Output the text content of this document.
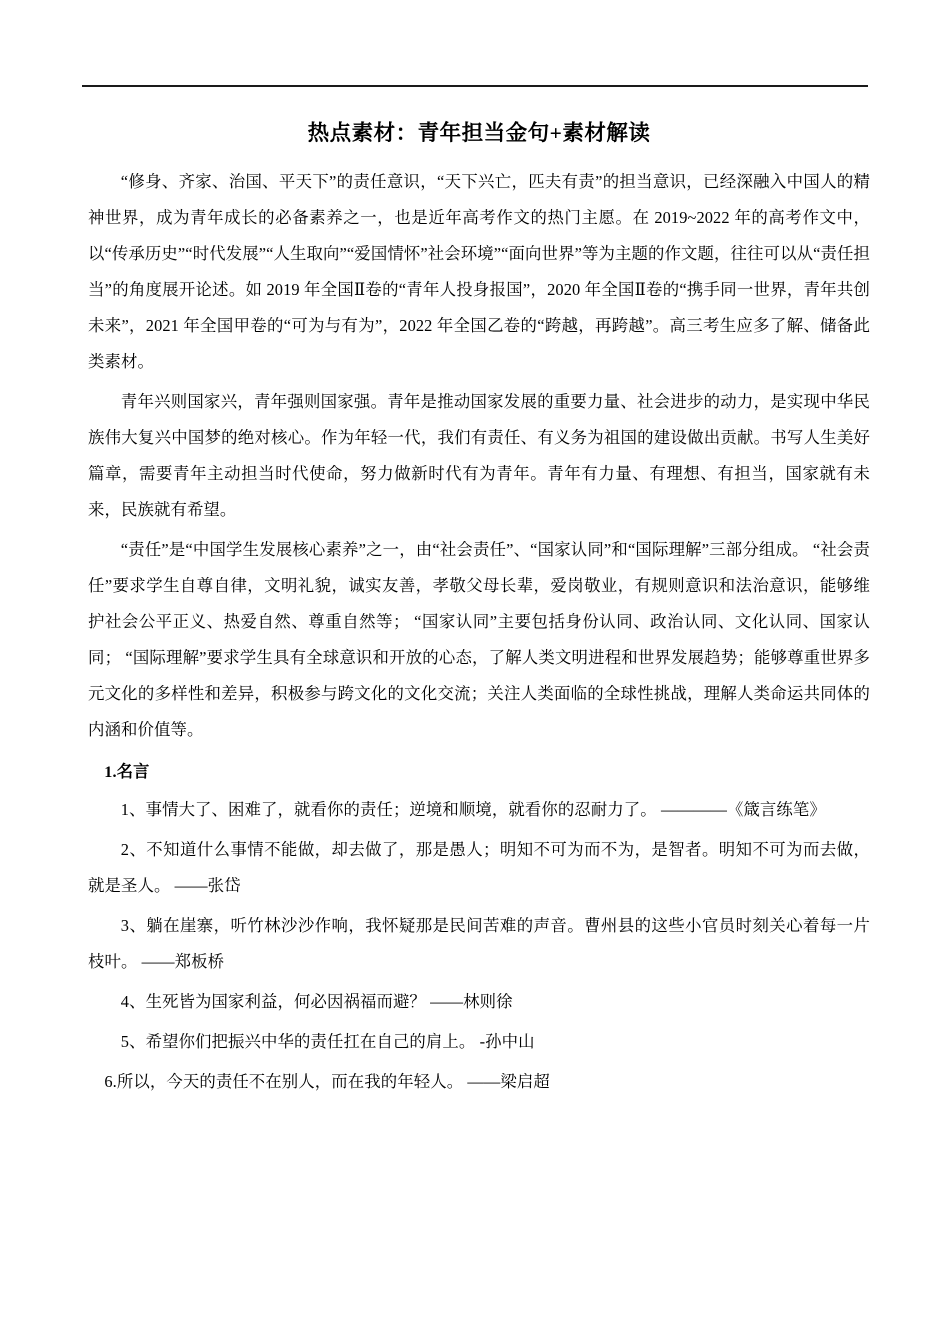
热点素材：青年担当金句+素材解读

“修身、齐家、治国、平天下”的责任意识，“天下兴亡，匹夫有责”的担当意识，已经深融入中国人的精神世界，成为青年成长的必备素养之一，也是近年高考作文的热门主愿。在 2019~2022 年的高考作文中，以“传承历史”“时代发展”“人生取向”“爱国情怀”社会环境”“面向世界”等为主题的作文题，往往可以从“责任担当”的角度展开论述。如 2019 年全国Ⅱ卷的“青年人投身报国”，2020 年全国Ⅱ卷的“携手同一世界，青年共创未来”，2021 年全国甲卷的“可为与有为”，2022 年全国乙卷的“跨越，再跨越”。高三考生应多了解、储备此类素材。

青年兴则国家兴，青年强则国家强。青年是推动国家发展的重要力量、社会进步的动力，是实现中华民族伟大复兴中国梦的绝对核心。作为年轻一代，我们有责任、有义务为祖国的建设做出贡献。书写人生美好篇章，需要青年主动担当时代使命，努力做新时代有为青年。青年有力量、有理想、有担当，国家就有未来，民族就有希望。

“责任”是“中国学生发展核心素养”之一，由“社会责任”、“国家认同”和“国际理解”三部分组成。 “社会责任”要求学生自尊自律，文明礼貌，诚实友善，孝敬父母长辈，爱岗敬业，有规则意识和法治意识，能够维护社会公平正义、热爱自然、尊重自然等； “国家认同”主要包括身份认同、政治认同、文化认同、国家认同； “国际理解”要求学生具有全球意识和开放的心态，了解人类文明进程和世界发展趋势；能够尊重世界多元文化的多样性和差异，积极参与跨文化的文化交流；关注人类面临的全球性挑战，理解人类命运共同体的内涵和价值等。

1.名言

1、事情大了、困难了，就看你的责任；逆境和顺境，就看你的忍耐力了。 ————《箴言练笔》

2、不知道什么事情不能做，却去做了，那是愚人；明知不可为而不为，是智者。明知不可为而去做，就是圣人。 ——张岱

3、躺在崖寨，听竹林沙沙作响，我怀疑那是民间苦难的声音。曹州县的这些小官员时刻关心着每一片枝叶。 ——郑板桥

4、生死皆为国家利益，何必因祸福而避？ ——林则徐

5、希望你们把振兴中华的责任扛在自己的肩上。 -孙中山

6.所以，今天的责任不在别人，而在我的年轻人。 ——梁启超
